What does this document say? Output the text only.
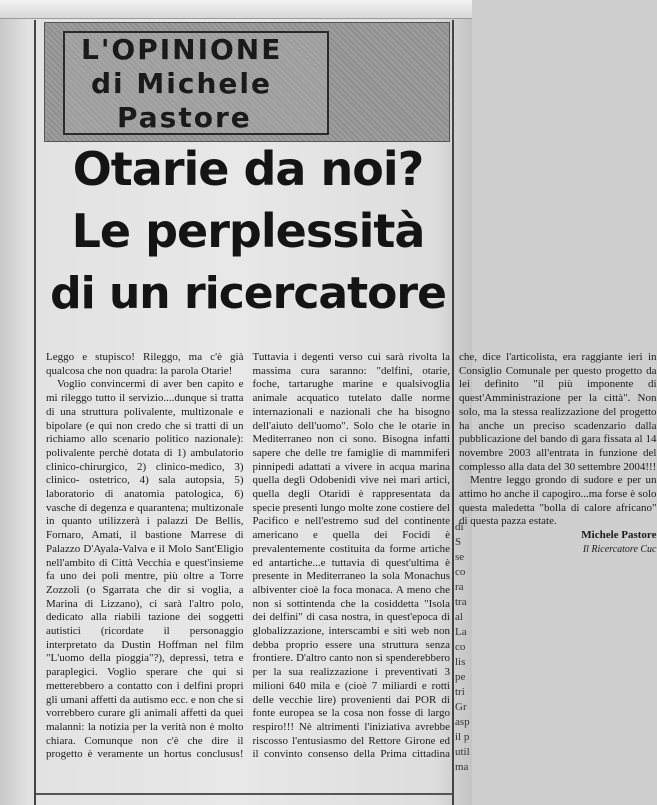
L'OPINIONE
di Michele
Pastore
Otarie da noi?
Le perplessità
di un ricercatore

Leggo e stupisco! Rileggo, ma c'è già qualcosa che non quadra: la parola Otarie!

Voglio convincermi di aver ben capito e mi rileggo tutto il servizio....dunque si tratta di una struttura polivalente, multizonale e bipolare (e qui non credo che si tratti di un richiamo allo scenario politico nazionale): polivalente perchè dotata di 1) ambulatorio clinico-chirurgico, 2) clinico-medico, 3) clinico- ostetrico, 4) sala autopsia, 5) laboratorio di anatomia patologica, 6) vasche di degenza e quarantena; multizonale in quanto utilizzerà i palazzi De Bellis, Fornaro, Amati, il bastione Marrese di Palazzo D'Ayala-Valva e il Molo Sant'Eligio nell'ambito di Città Vecchia e quest'insieme fa uno dei poli mentre, più oltre a Torre Zozzoli (o Sgarrata che dir si voglia, a Marina di Lizzano), ci sarà l'altro polo, dedicato alla riabili tazione dei soggetti autistici (ricordate il personaggio interpretato da Dustin Hoffman nel film "L'uomo della pioggia"?), depressi, tetra e paraplegici. Voglio sperare che qui si metterebbero a contatto con i delfini propri gli umani affetti da autismo ecc. e non che si vorrebbero curare gli animali affetti da quei malanni: la notizia per la verità non è molto chiara. Comunque non c'è che dire il progetto è veramente un hortus conclusus! Tuttavia i degenti verso cui sarà rivolta la massima cura saranno: "delfini, otarie, foche, tartarughe marine e qualsivoglia animale acquatico tutelato dalle norme internazionali e nazionali che ha bisogno dell'aiuto dell'uomo". Solo che le otarie in Mediterraneo non ci sono. Bisogna infatti sapere che delle tre famiglie di mammiferi pinnipedi adattati a vivere in acqua marina quella degli Odobenidi vive nei mari artici, quella degli Otaridi è rappresentata da specie presenti lungo molte zone costiere del Pacifico e nell'estremo sud del continente americano e quella dei Focidi è prevalentemente costituita da forme artiche ed antartiche...e tuttavia di quest'ultima è presente in Mediterraneo la sola Monachus albiventer cioè la foca monaca. A meno che non si sottintenda che la cosiddetta "Isola dei delfini" di casa nostra, in quest'epoca di globalizzazione, interscambi e siti web non debba proprio essere una struttura senza frontiere. D'altro canto non si spenderebbero per la sua realizzazione i preventivati 3 milioni 640 mila e (cioè 7 miliardi e rotti delle vecchie lire) provenienti dai POR di fonte europea se la cosa non fosse di largo respiro!!! Nè altrimenti l'iniziativa avrebbe riscosso l'entusiasmo del Rettore Girone ed il convinto consenso della Prima cittadina che, dice l'articolista, era raggiante ieri in Consiglio Comunale per questo progetto da lei definito "il più imponente di quest'Amministrazione per la città". Non solo, ma la stessa realizzazione del progetto ha anche un preciso scadenzario dalla pubblicazione del bando di gara fissata al 14 novembre 2003 all'entrata in funzione del complesso alla data del 30 settembre 2004!!!

Mentre leggo grondo di sudore e per un attimo ho anche il capogiro...ma forse è solo questa maledetta "bolla di calore africano" di questa pazza estate.

Michele Pastore
Il Ricercatore Cuc

di
S
se
co
ra
tra
al
La
co
lis
pe
tri
Gr
asp
il p
util
ma
